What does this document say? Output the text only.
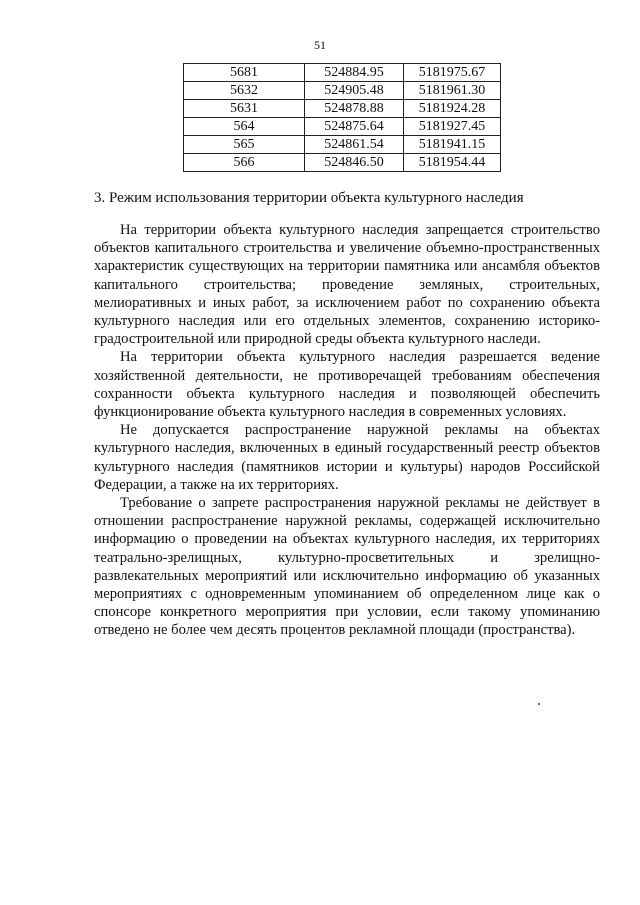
51
5681	524884.95	5181975.67
5632	524905.48	5181961.30
5631	524878.88	5181924.28
564	524875.64	5181927.45
565	524861.54	5181941.15
566	524846.50	5181954.44
3. Режим использования территории объекта культурного наследия

На территории объекта культурного наследия запрещается строительство объектов капитального строительства и увеличение объемно-пространственных характеристик существующих на территории памятника или ансамбля объектов капитального строительства; проведение земляных, строительных, мелиоративных и иных работ, за исключением работ по сохранению объекта культурного наследия или его отдельных элементов, сохранению историко-градостроительной или природной среды объекта культурного наследи.

На территории объекта культурного наследия разрешается ведение хозяйственной деятельности, не противоречащей требованиям обеспечения сохранности объекта культурного наследия и позволяющей обеспечить функционирование объекта культурного наследия в современных условиях.

Не допускается распространение наружной рекламы на объектах культурного наследия, включенных в единый государственный реестр объектов культурного наследия (памятников истории и культуры) народов Российской Федерации, а также на их территориях.

Требование о запрете распространения наружной рекламы не действует в отношении распространение наружной рекламы, содержащей исключительно информацию о проведении на объектах культурного наследия, их территориях театрально-зрелищных, культурно-просветительных и зрелищно-развлекательных мероприятий или исключительно информацию об указанных мероприятиях с одновременным упоминанием об определенном лице как о спонсоре конкретного мероприятия при условии, если такому упоминанию отведено не более чем десять процентов рекламной площади (пространства).
